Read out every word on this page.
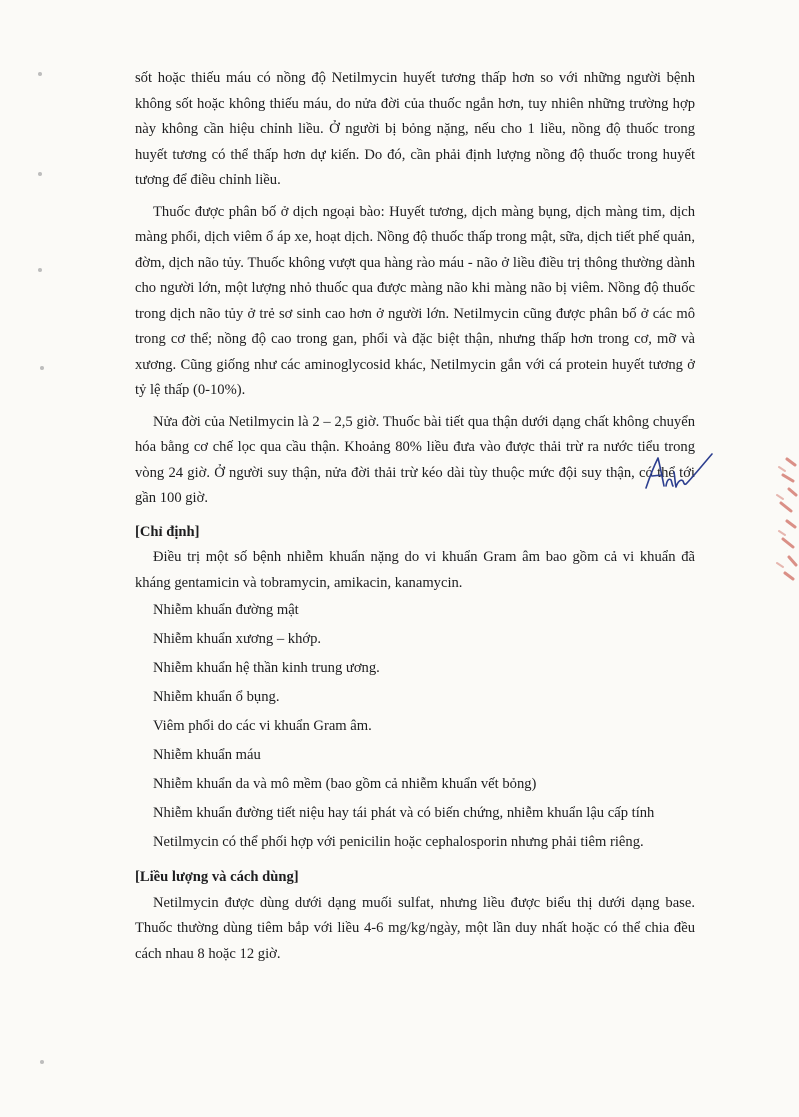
sốt hoặc thiếu máu có nồng độ Netilmycin huyết tương thấp hơn so với những người bệnh không sốt hoặc không thiếu máu, do nửa đời của thuốc ngắn hơn, tuy nhiên những trường hợp này không cần hiệu chỉnh liều. Ở người bị bỏng nặng, nếu cho 1 liều, nồng độ thuốc trong huyết tương có thể thấp hơn dự kiến. Do đó, cần phải định lượng nồng độ thuốc trong huyết tương để điều chỉnh liều.

Thuốc được phân bố ở dịch ngoại bào: Huyết tương, dịch màng bụng, dịch màng tim, dịch màng phổi, dịch viêm ổ áp xe, hoạt dịch. Nồng độ thuốc thấp trong mật, sữa, dịch tiết phế quản, đờm, dịch não tủy. Thuốc không vượt qua hàng rào máu - não ở liều điều trị thông thường dành cho người lớn, một lượng nhỏ thuốc qua được màng não khi màng não bị viêm. Nồng độ thuốc trong dịch não tủy ở trẻ sơ sinh cao hơn ở người lớn. Netilmycin cũng được phân bố ở các mô trong cơ thể; nồng độ cao trong gan, phổi và đặc biệt thận, nhưng thấp hơn trong cơ, mỡ và xương. Cũng giống như các aminoglycosid khác, Netilmycin gắn với cá protein huyết tương ở tỷ lệ thấp (0-10%).

Nửa đời của Netilmycin là 2 – 2,5 giờ. Thuốc bài tiết qua thận dưới dạng chất không chuyển hóa bằng cơ chế lọc qua cầu thận. Khoảng 80% liều đưa vào được thải trừ ra nước tiểu trong vòng 24 giờ. Ở người suy thận, nửa đời thải trừ kéo dài tùy thuộc mức đội suy thận, có thể tới gần 100 giờ.

[Chỉ định]

Điều trị một số bệnh nhiễm khuẩn nặng do vi khuẩn Gram âm bao gồm cả vi khuẩn đã kháng gentamicin và tobramycin, amikacin, kanamycin.

Nhiễm khuẩn đường mật

Nhiễm khuẩn xương – khớp.

Nhiễm khuẩn hệ thần kinh trung ương.

Nhiễm khuẩn ổ bụng.

Viêm phổi do các vi khuẩn Gram âm.

Nhiễm khuẩn máu

Nhiễm khuẩn da và mô mềm (bao gồm cả nhiễm khuẩn vết bỏng)

Nhiễm khuẩn đường tiết niệu hay tái phát và có biến chứng, nhiễm khuẩn lậu cấp tính

Netilmycin có thể phối hợp với penicilin hoặc cephalosporin nhưng phải tiêm riêng.

[Liều lượng và cách dùng]

Netilmycin được dùng dưới dạng muối sulfat, nhưng liều được biểu thị dưới dạng base. Thuốc thường dùng tiêm bắp với liều 4-6 mg/kg/ngày, một lần duy nhất hoặc có thể chia đều cách nhau 8 hoặc 12 giờ.
